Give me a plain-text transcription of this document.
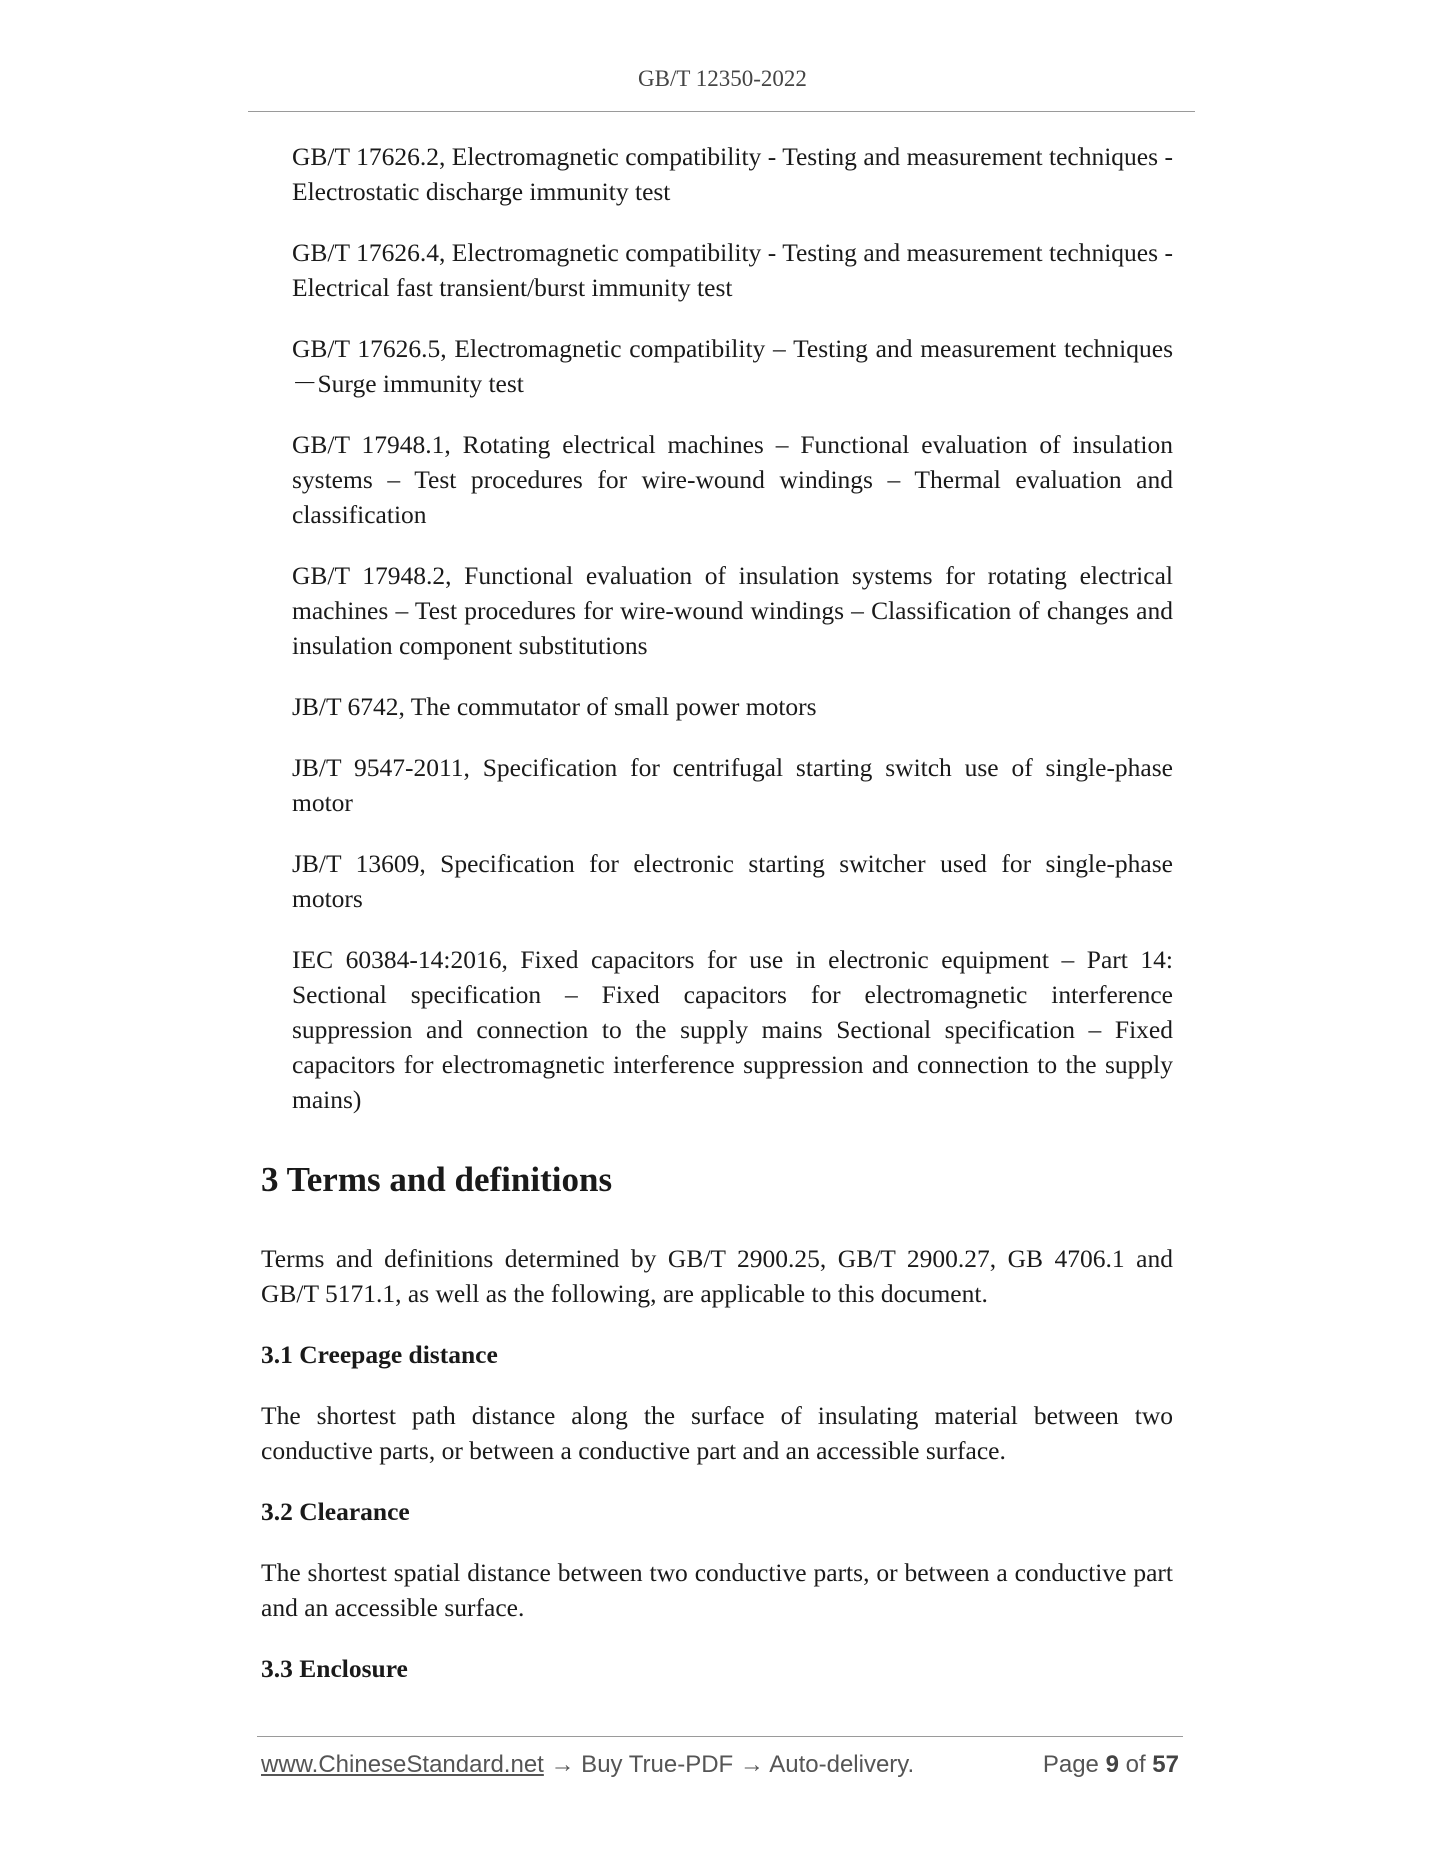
GB/T 12350-2022

GB/T 17626.2, Electromagnetic compatibility - Testing and measurement techniques - Electrostatic discharge immunity test

GB/T 17626.4, Electromagnetic compatibility - Testing and measurement techniques - Electrical fast transient/burst immunity test

GB/T 17626.5, Electromagnetic compatibility – Testing and measurement techniques－Surge immunity test

GB/T 17948.1, Rotating electrical machines – Functional evaluation of insulation systems – Test procedures for wire-wound windings – Thermal evaluation and classification

GB/T 17948.2, Functional evaluation of insulation systems for rotating electrical machines – Test procedures for wire-wound windings – Classification of changes and insulation component substitutions

JB/T 6742, The commutator of small power motors

JB/T 9547-2011, Specification for centrifugal starting switch use of single-phase motor

JB/T 13609, Specification for electronic starting switcher used for single-phase motors

IEC 60384-14:2016, Fixed capacitors for use in electronic equipment – Part 14: Sectional specification – Fixed capacitors for electromagnetic interference suppression and connection to the supply mains Sectional specification – Fixed capacitors for electromagnetic interference suppression and connection to the supply mains)

3 Terms and definitions

Terms and definitions determined by GB/T 2900.25, GB/T 2900.27, GB 4706.1 and GB/T 5171.1, as well as the following, are applicable to this document.

3.1 Creepage distance

The shortest path distance along the surface of insulating material between two conductive parts, or between a conductive part and an accessible surface.

3.2 Clearance

The shortest spatial distance between two conductive parts, or between a conductive part and an accessible surface.

3.3 Enclosure

www.ChineseStandard.net → Buy True-PDF → Auto-delivery.	Page 9 of 57
